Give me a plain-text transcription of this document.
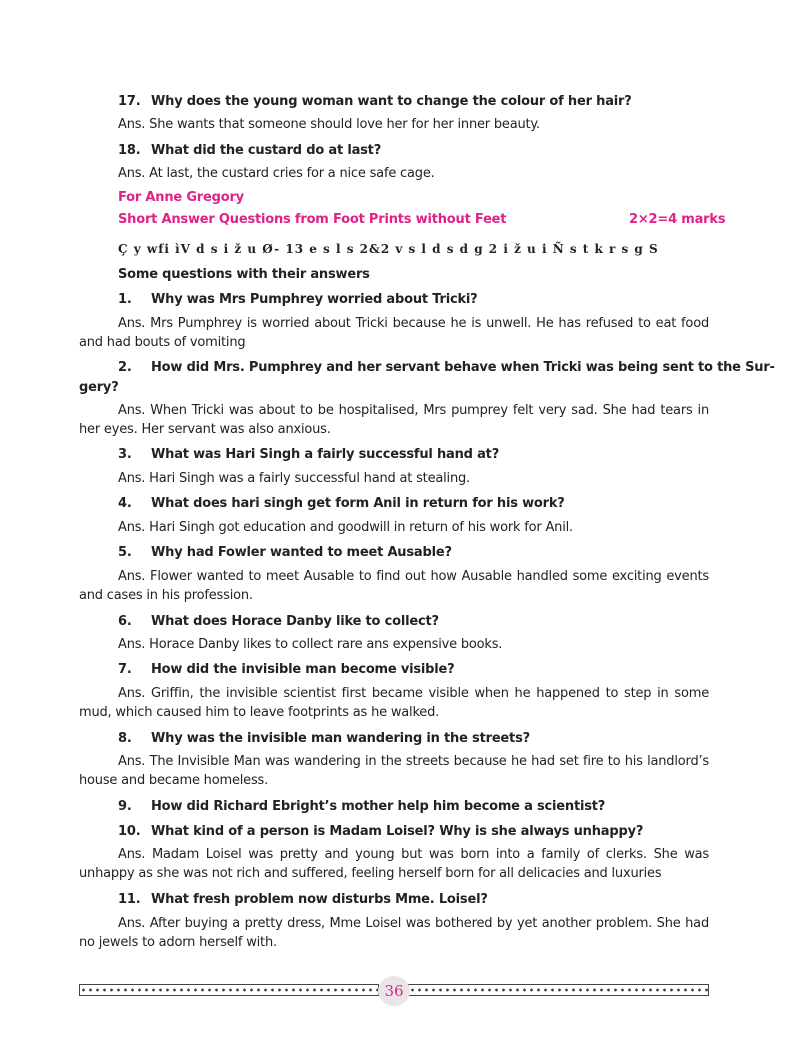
17. Why does the young woman want to change the colour of her hair?
Ans. She wants that someone should love her for her inner beauty.
18. What did the custard do at last?
Ans. At last, the custard cries for a nice safe cage.
For Anne Gregory
Short Answer Questions from Foot Prints without Feet	2×2=4 marks
Ç y wfi ìV d s i ž u Ø- 13 e s l s 2&2 v s l d s d g 2 i ž u i Ñ s t k r s g S
Some questions with their answers
1. Why was Mrs Pumphrey worried about Tricki?
Ans. Mrs Pumphrey is worried about Tricki because he is unwell. He has refused to eat food and had bouts of vomiting
2. How did Mrs. Pumphrey and her servant behave when Tricki was being sent to the Sur-
gery?
Ans. When Tricki was about to be hospitalised, Mrs pumprey felt very sad. She had tears in her eyes. Her servant was also anxious.
3. What was Hari Singh a fairly successful hand at?
Ans. Hari Singh was a fairly successful hand at stealing.
4. What does hari singh get form Anil in return for his work?
Ans. Hari Singh got education and goodwill in return of his work for Anil.
5. Why had Fowler wanted to meet Ausable?
Ans. Flower wanted to meet Ausable to find out how Ausable handled some exciting events and cases in his profession.
6. What does Horace Danby like to collect?
Ans. Horace Danby likes to collect rare ans expensive books.
7. How did the invisible man become visible?
Ans. Griffin, the invisible scientist first became visible when he happened to step in some mud, which caused him to leave footprints as he walked.
8. Why was the invisible man wandering in the streets?
Ans. The Invisible Man was wandering in the streets because he had set fire to his landlord’s house and became homeless.
9. How did Richard Ebright’s mother help him become a scientist?
10. What kind of a person is Madam Loisel? Why is she always unhappy?
Ans. Madam Loisel was pretty and young but was born into a family of clerks. She was unhappy as she was not rich and suffered, feeling herself born for all delicacies and luxuries
11. What fresh problem now disturbs Mme. Loisel?
Ans. After buying a pretty dress, Mme Loisel was bothered by yet another problem. She had no jewels to adorn herself with.
36
